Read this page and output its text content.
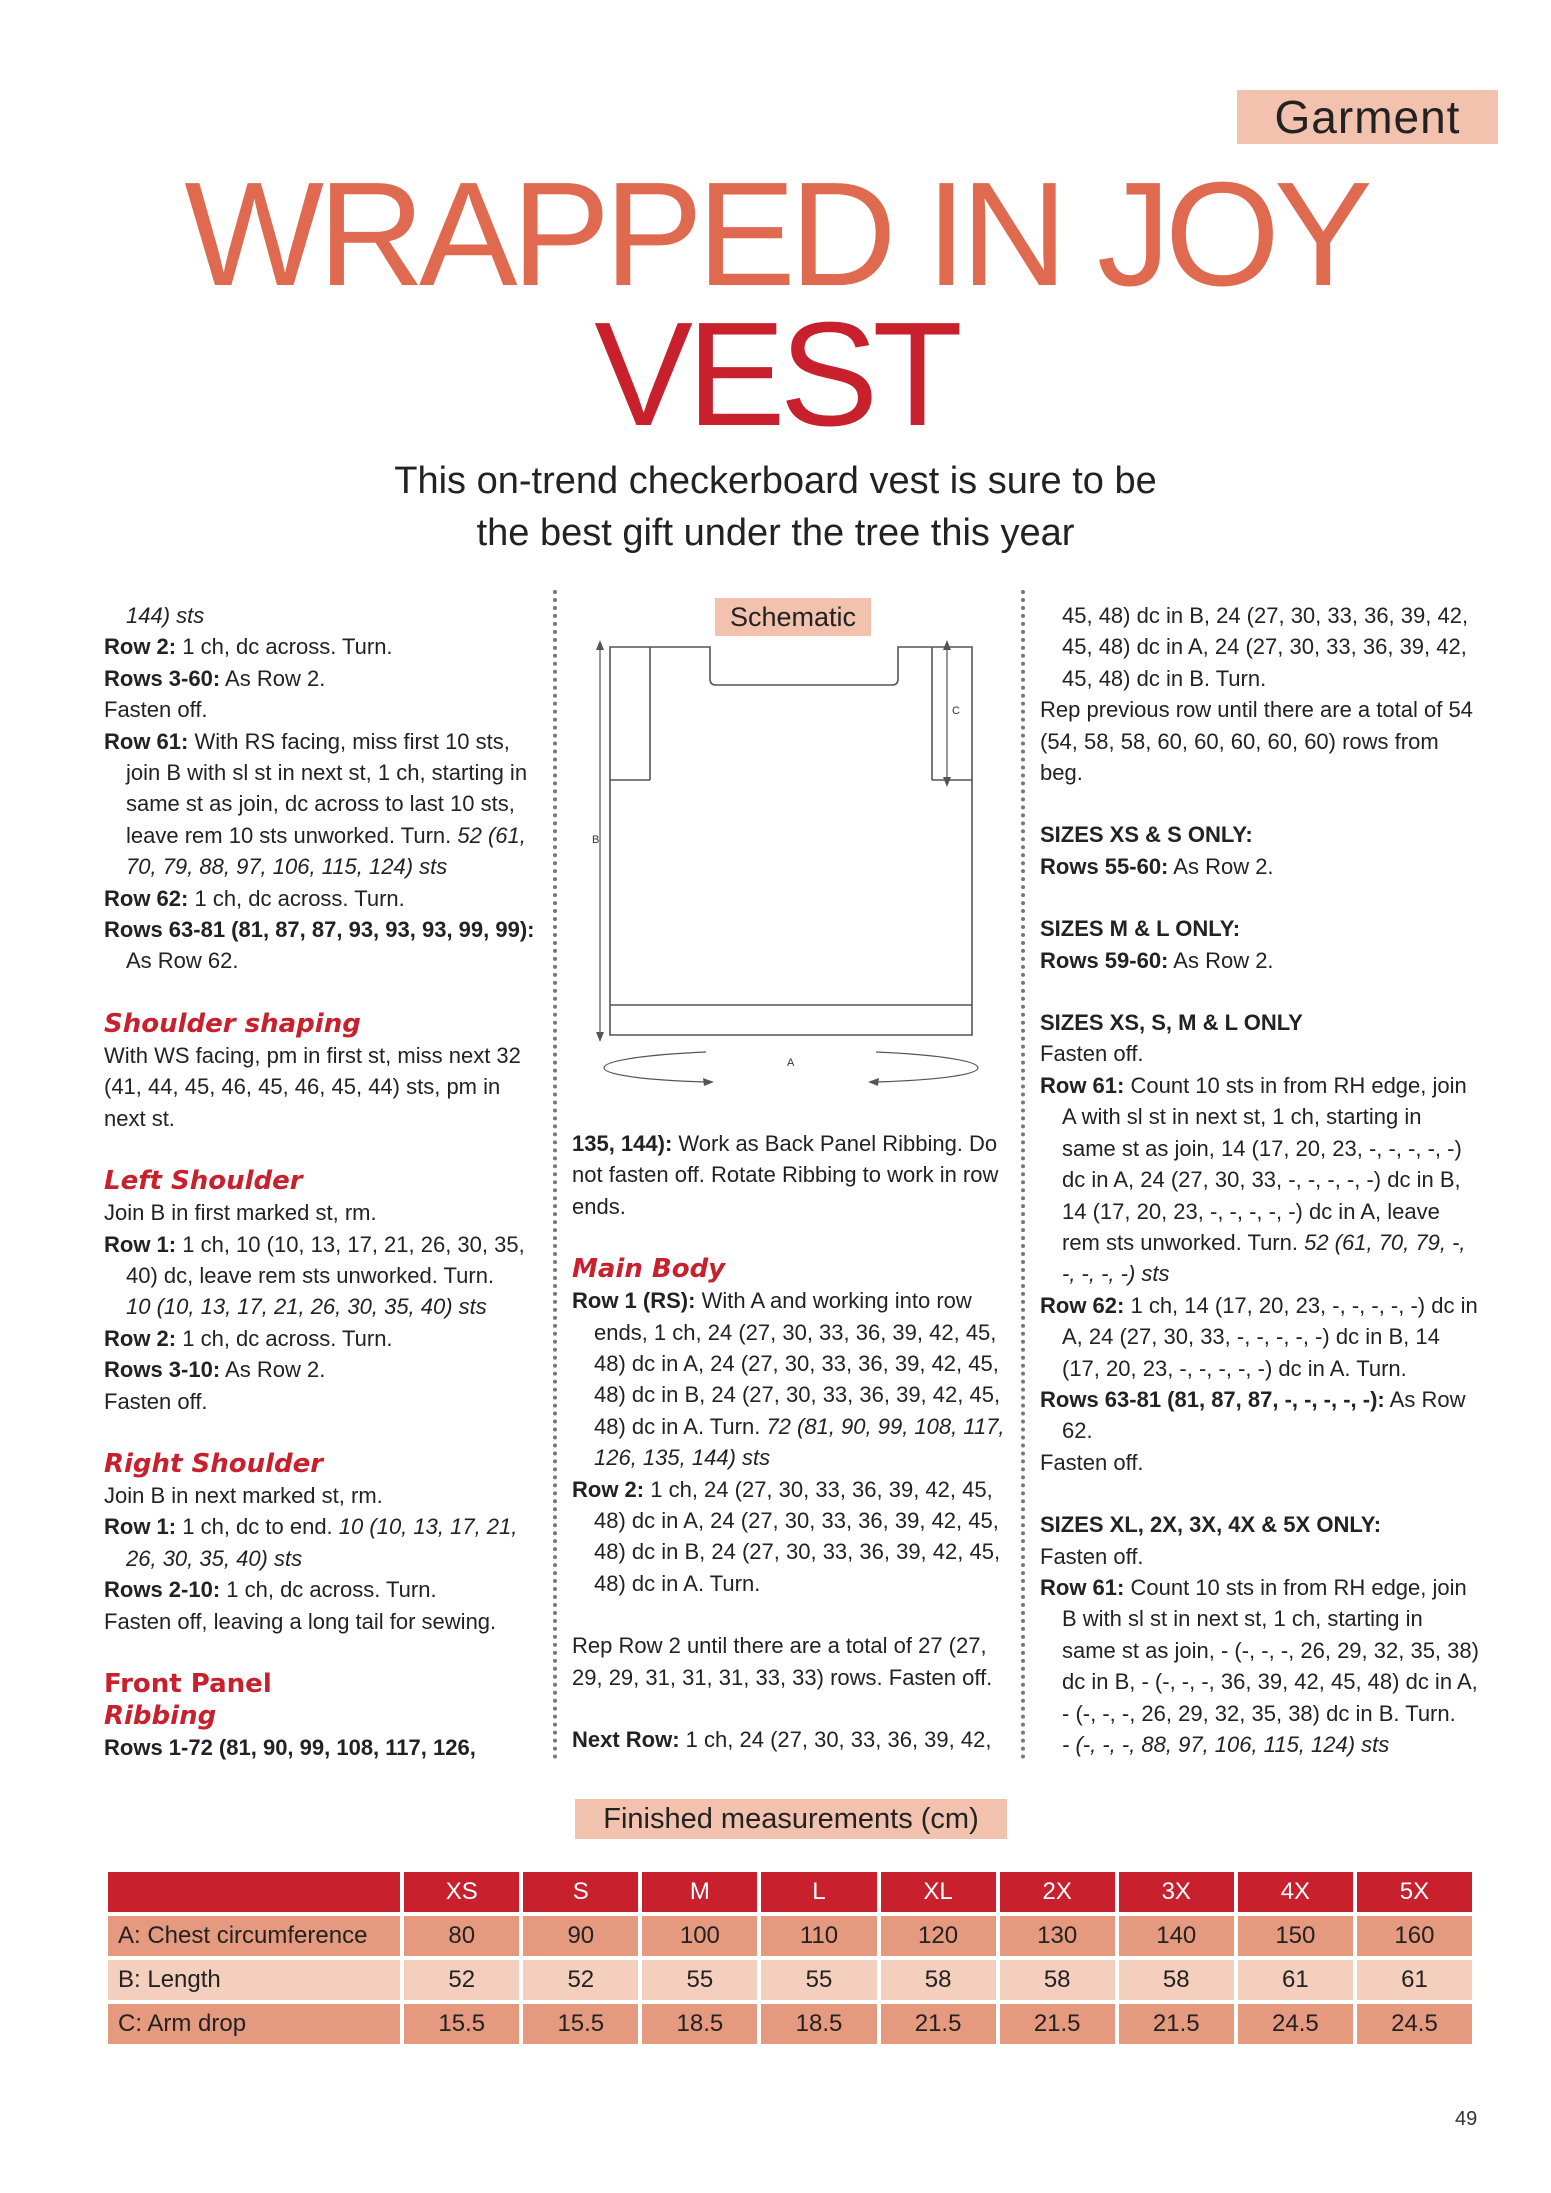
Garment
WRAPPED IN JOY
VEST
This on-trend checkerboard vest is sure to be
the best gift under the tree this year

144) sts

Row 2: 1 ch, dc across. Turn.

Rows 3-60: As Row 2.

Fasten off.

Row 61: With RS facing, miss first 10 sts, join B with sl st in next st, 1 ch, starting in same st as join, dc across to last 10 sts, leave rem 10 sts unworked. Turn. 52 (61, 70, 79, 88, 97, 106, 115, 124) sts

Row 62: 1 ch, dc across. Turn.

Rows 63-81 (81, 87, 87, 93, 93, 93, 99, 99): As Row 62.

Shoulder shaping

With WS facing, pm in first st, miss next 32 (41, 44, 45, 46, 45, 46, 45, 44) sts, pm in next st.

Left Shoulder

Join B in first marked st, rm.

Row 1: 1 ch, 10 (10, 13, 17, 21, 26, 30, 35, 40) dc, leave rem sts unworked. Turn.

10 (10, 13, 17, 21, 26, 30, 35, 40) sts

Row 2: 1 ch, dc across. Turn.

Rows 3-10: As Row 2.

Fasten off.

Right Shoulder

Join B in next marked st, rm.

Row 1: 1 ch, dc to end. 10 (10, 13, 17, 21, 26, 30, 35, 40) sts

Rows 2-10: 1 ch, dc across. Turn.

Fasten off, leaving a long tail for sewing.

Front Panel

Ribbing

Rows 1-72 (81, 90, 99, 108, 117, 126,

Schematic
B
C
A

135, 144): Work as Back Panel Ribbing. Do not fasten off. Rotate Ribbing to work in row ends.

Main Body

Row 1 (RS): With A and working into row ends, 1 ch, 24 (27, 30, 33, 36, 39, 42, 45, 48) dc in A, 24 (27, 30, 33, 36, 39, 42, 45, 48) dc in B, 24 (27, 30, 33, 36, 39, 42, 45, 48) dc in A. Turn. 72 (81, 90, 99, 108, 117, 126, 135, 144) sts

Row 2: 1 ch, 24 (27, 30, 33, 36, 39, 42, 45, 48) dc in A, 24 (27, 30, 33, 36, 39, 42, 45, 48) dc in B, 24 (27, 30, 33, 36, 39, 42, 45, 48) dc in A. Turn.

Rep Row 2 until there are a total of 27 (27, 29, 29, 31, 31, 31, 33, 33) rows. Fasten off.

Next Row: 1 ch, 24 (27, 30, 33, 36, 39, 42,

45, 48) dc in B, 24 (27, 30, 33, 36, 39, 42, 45, 48) dc in A, 24 (27, 30, 33, 36, 39, 42, 45, 48) dc in B. Turn.

Rep previous row until there are a total of 54 (54, 58, 58, 60, 60, 60, 60, 60) rows from beg.

SIZES XS & S ONLY:

Rows 55-60: As Row 2.

SIZES M & L ONLY:

Rows 59-60: As Row 2.

SIZES XS, S, M & L ONLY

Fasten off.

Row 61: Count 10 sts in from RH edge, join A with sl st in next st, 1 ch, starting in same st as join, 14 (17, 20, 23, -, -, -, -, -) dc in A, 24 (27, 30, 33, -, -, -, -, -) dc in B, 14 (17, 20, 23, -, -, -, -, -) dc in A, leave rem sts unworked. Turn. 52 (61, 70, 79, -, -, -, -, -) sts

Row 62: 1 ch, 14 (17, 20, 23, -, -, -, -, -) dc in A, 24 (27, 30, 33, -, -, -, -, -) dc in B, 14 (17, 20, 23, -, -, -, -, -) dc in A. Turn.

Rows 63-81 (81, 87, 87, -, -, -, -, -): As Row 62.

Fasten off.

SIZES XL, 2X, 3X, 4X & 5X ONLY:

Fasten off.

Row 61: Count 10 sts in from RH edge, join B with sl st in next st, 1 ch, starting in same st as join, - (-, -, -, 26, 29, 32, 35, 38) dc in B, - (-, -, -, 36, 39, 42, 45, 48) dc in A, - (-, -, -, 26, 29, 32, 35, 38) dc in B. Turn.

- (-, -, -, 88, 97, 106, 115, 124) sts

Finished measurements (cm)
	XS	S	M	L	XL	2X	3X	4X	5X
A: Chest circumference	80	90	100	110	120	130	140	150	160
B: Length	52	52	55	55	58	58	58	61	61
C: Arm drop	15.5	15.5	18.5	18.5	21.5	21.5	21.5	24.5	24.5
49
